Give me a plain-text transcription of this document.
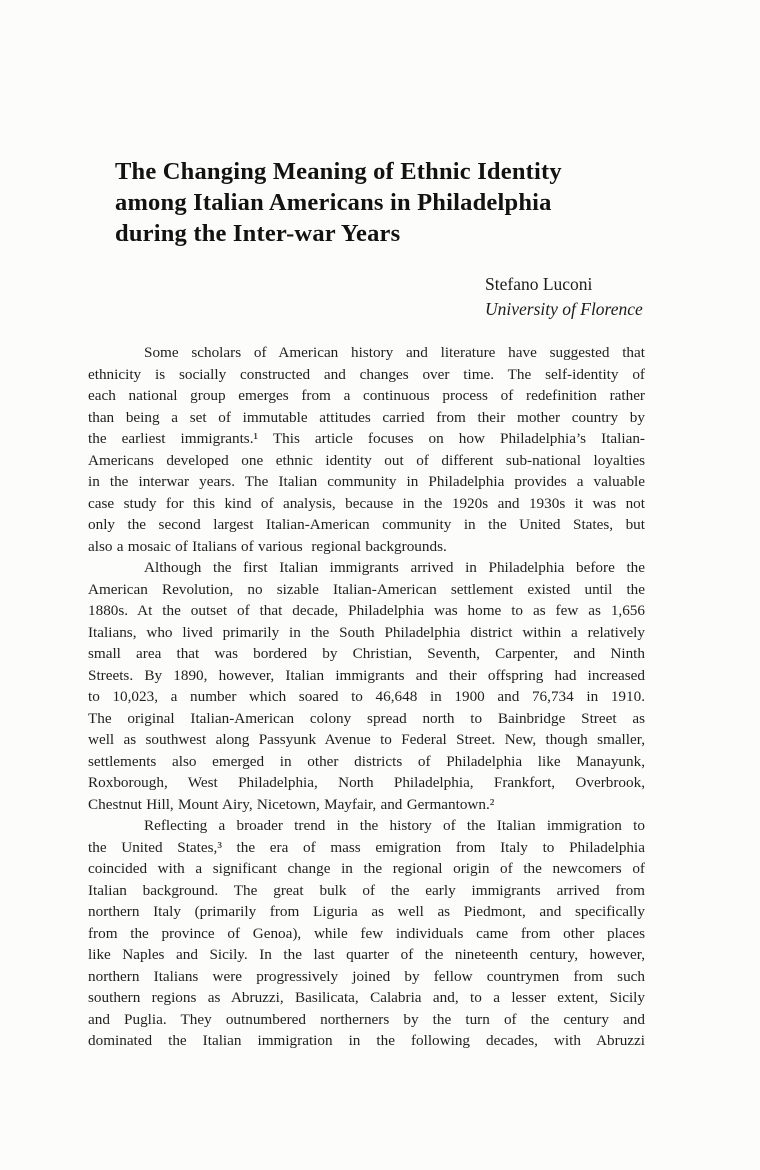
The Changing Meaning of Ethnic Identity
among Italian Americans in Philadelphia
during the Inter-war Years
Stefano Luconi
University of Florence
Some scholars of American history and literature have suggested that
ethnicity is socially constructed and changes over time. The self-identity of
each national group emerges from a continuous process of redefinition rather
than being a set of immutable attitudes carried from their mother country by
the earliest immigrants.¹ This article focuses on how Philadelphia’s Italian-
Americans developed one ethnic identity out of different sub-national loyalties
in the interwar years. The Italian community in Philadelphia provides a valuable
case study for this kind of analysis, because in the 1920s and 1930s it was not
only the second largest Italian-American community in the United States, but
also a mosaic of Italians of various  regional backgrounds.
Although the first Italian immigrants arrived in Philadelphia before the
American Revolution, no sizable Italian-American settlement existed until the
1880s. At the outset of that decade, Philadelphia was home to as few as 1,656
Italians, who lived primarily in the South Philadelphia district within a relatively
small area that was bordered by Christian, Seventh, Carpenter, and Ninth
Streets. By 1890, however, Italian immigrants and their offspring had increased
to 10,023, a number which soared to 46,648 in 1900 and 76,734 in 1910.
The original Italian-American colony spread north to Bainbridge Street as
well as southwest along Passyunk Avenue to Federal Street. New, though smaller,
settlements also emerged in other districts of Philadelphia like Manayunk,
Roxborough, West Philadelphia, North Philadelphia, Frankfort, Overbrook,
Chestnut Hill, Mount Airy, Nicetown, Mayfair, and Germantown.²
Reflecting a broader trend in the history of the Italian immigration to
the United States,³ the era of mass emigration from Italy to Philadelphia
coincided with a significant change in the regional origin of the newcomers of
Italian background. The great bulk of the early immigrants arrived from
northern Italy (primarily from Liguria as well as Piedmont, and specifically
from the province of Genoa), while few individuals came from other places
like Naples and Sicily. In the last quarter of the nineteenth century, however,
northern Italians were progressively joined by fellow countrymen from such
southern regions as Abruzzi, Basilicata, Calabria and, to a lesser extent, Sicily
and Puglia. They outnumbered northerners by the turn of the century and
dominated the Italian immigration in the following decades, with Abruzzi
